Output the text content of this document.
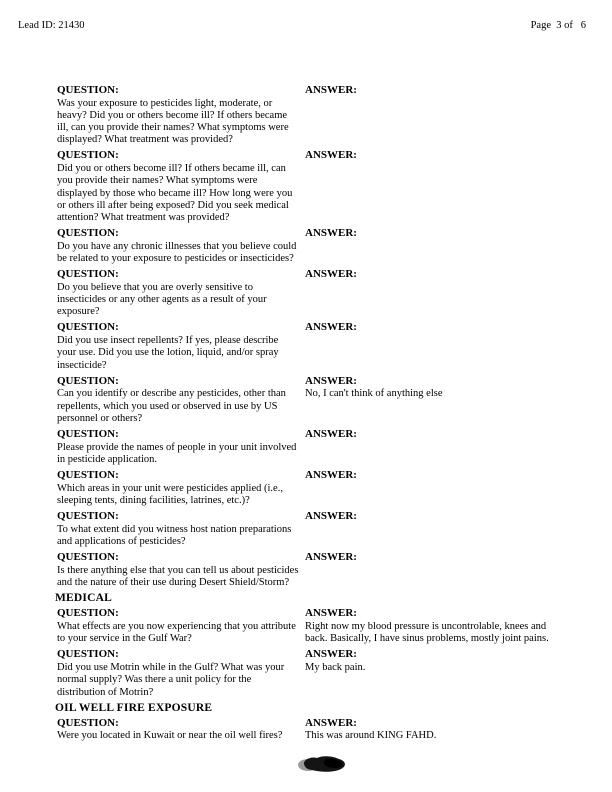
Lead ID: 21430	Page  3 of   6
QUESTION:
Was your exposure to pesticides light, moderate, or heavy? Did you or others become ill? If others became ill, can you provide their names? What symptoms were displayed? What treatment was provided?
ANSWER:
QUESTION:
Did you or others become ill? If others became ill, can you provide their names? What symptoms were displayed by those who became ill? How long were you or others ill after being exposed? Did you seek medical attention? What treatment was provided?
ANSWER:
QUESTION:
Do you have any chronic illnesses that you believe could be related to your exposure to pesticides or insecticides?
ANSWER:
QUESTION:
Do you believe that you are overly sensitive to insecticides or any other agents as a result of your exposure?
ANSWER:
QUESTION:
Did you use insect repellents? If yes, please describe your use. Did you use the lotion, liquid, and/or spray insecticide?
ANSWER:
QUESTION:
Can you identify or describe any pesticides, other than repellents, which you used or observed in use by US personnel or others?
ANSWER:
No, I can't think of anything else
QUESTION:
Please provide the names of people in your unit involved in pesticide application.
ANSWER:
QUESTION:
Which areas in your unit were pesticides applied (i.e., sleeping tents, dining facilities, latrines, etc.)?
ANSWER:
QUESTION:
To what extent did you witness host nation preparations and applications of pesticides?
ANSWER:
QUESTION:
Is there anything else that you can tell us about pesticides and the nature of their use during Desert Shield/Storm?
ANSWER:
MEDICAL
QUESTION:
What effects are you now experiencing that you attribute to your service in the Gulf War?
ANSWER:
Right now my blood pressure is uncontrolable, knees and back. Basically, I have sinus problems, mostly joint pains.
QUESTION:
Did you use Motrin while in the Gulf? What was your normal supply? Was there a unit policy for the distribution of Motrin?
ANSWER:
My back pain.
OIL WELL FIRE EXPOSURE
QUESTION:
Were you located in Kuwait or near the oil well fires?
ANSWER:
This was around KING FAHD.
